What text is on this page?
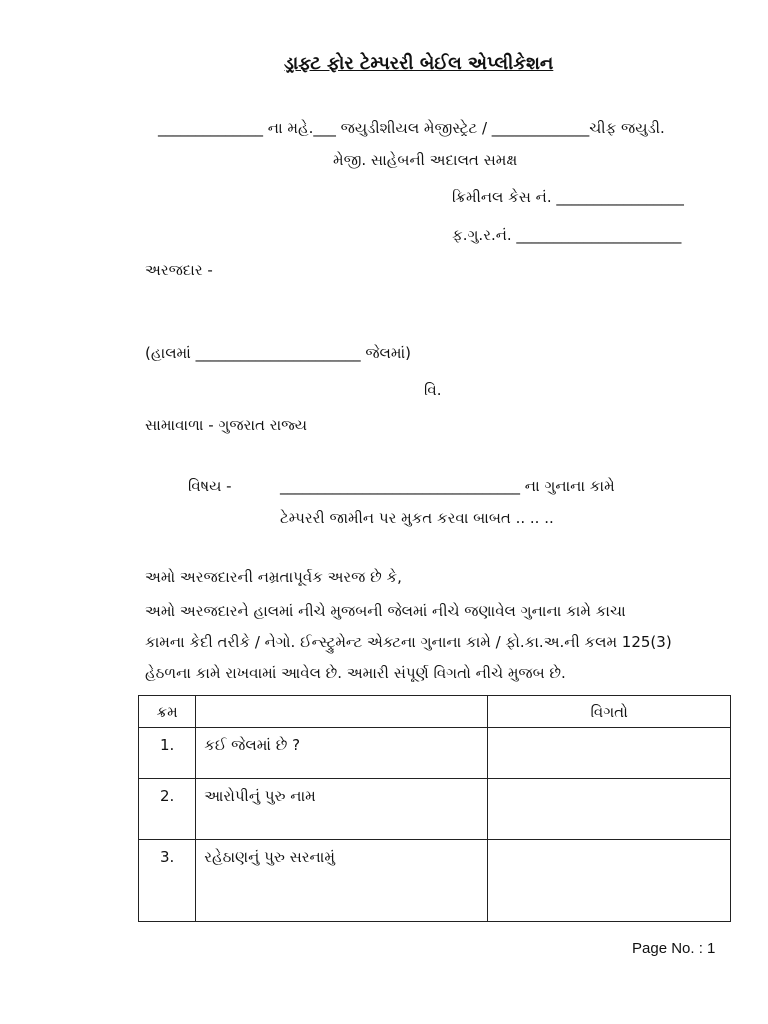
ડ્રાફ્ટ ફોર ટેમ્પરરી બેઈલ એપ્લીકેશન
______________ ના મહે.___ જયુડીશીયલ મેજીસ્ટ્રેટ / _____________ચીફ જયુડી.
મેજી. સાહેબની અદાલત સમક્ષ
ક્રિમીનલ કેસ નં. _________________
ફ.ગુ.ર.નં. ______________________
અરજદાર -
(હાલમાં ______________________ જેલમાં)
વિ.
સામાવાળા - ગુજરાત રાજ્ય
વિષય -	________________________________ ના ગુનાના કામે
ટેમ્પરરી જામીન પર મુકત કરવા બાબત .. .. ..
અમો અરજદારની નમ્રતાપૂર્વક અરજ છે કે,
અમો અરજદારને હાલમાં નીચે મુજબની જેલમાં નીચે જણાવેલ ગુનાના કામે કાચા
કામના કેદી તરીકે / નેગો. ઈન્સ્ટ્રુમેન્ટ એક્ટના ગુનાના કામે / ફો.કા.અ.ની કલમ 125(3)
હેઠળના કામે રાખવામાં આવેલ છે. અમારી સંપૂર્ણ વિગતો નીચે મુજબ છે.
ક્રમ		વિગતો
1.	કઈ જેલમાં છે ?	
2.	આરોપીનું પુરુ નામ	
3.	રહેઠાણનું પુરુ સરનામું	
Page No. : 1
